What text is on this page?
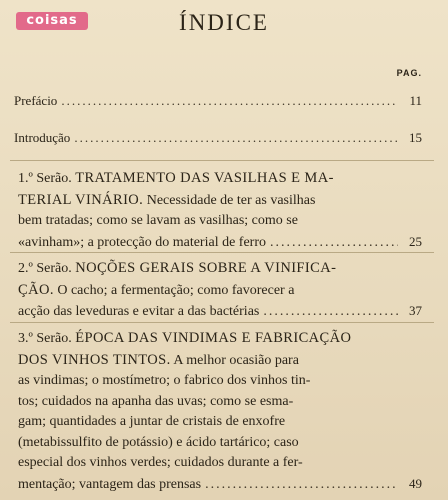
coisas	ÍNDICE
PAG.
Prefácio .....	11
Introdução .....	15
1.º Serão. TRATAMENTO DAS VASILHAS E MA-
TERIAL VINÁRIO. Necessidade de ter as vasilhas
bem tratadas; como se lavam as vasilhas; como se
«avinham»; a protecção do material de ferro .....	25
2.º Serão. NOÇÕES GERAIS SOBRE A VINIFICA-
ÇÃO. O cacho; a fermentação; como favorecer a
acção das leveduras e evitar a das bactérias .....	37
3.º Serão. ÉPOCA DAS VINDIMAS E FABRICAÇÃO
DOS VINHOS TINTOS. A melhor ocasião para
as vindimas; o mostímetro; o fabrico dos vinhos tin-
tos; cuidados na apanha das uvas; como se esma-
gam; quantidades a juntar de cristais de enxofre
(metabissulfito de potássio) e ácido tartárico; caso
especial dos vinhos verdes; cuidados durante a fer-
mentação; vantagem das prensas .....	49
